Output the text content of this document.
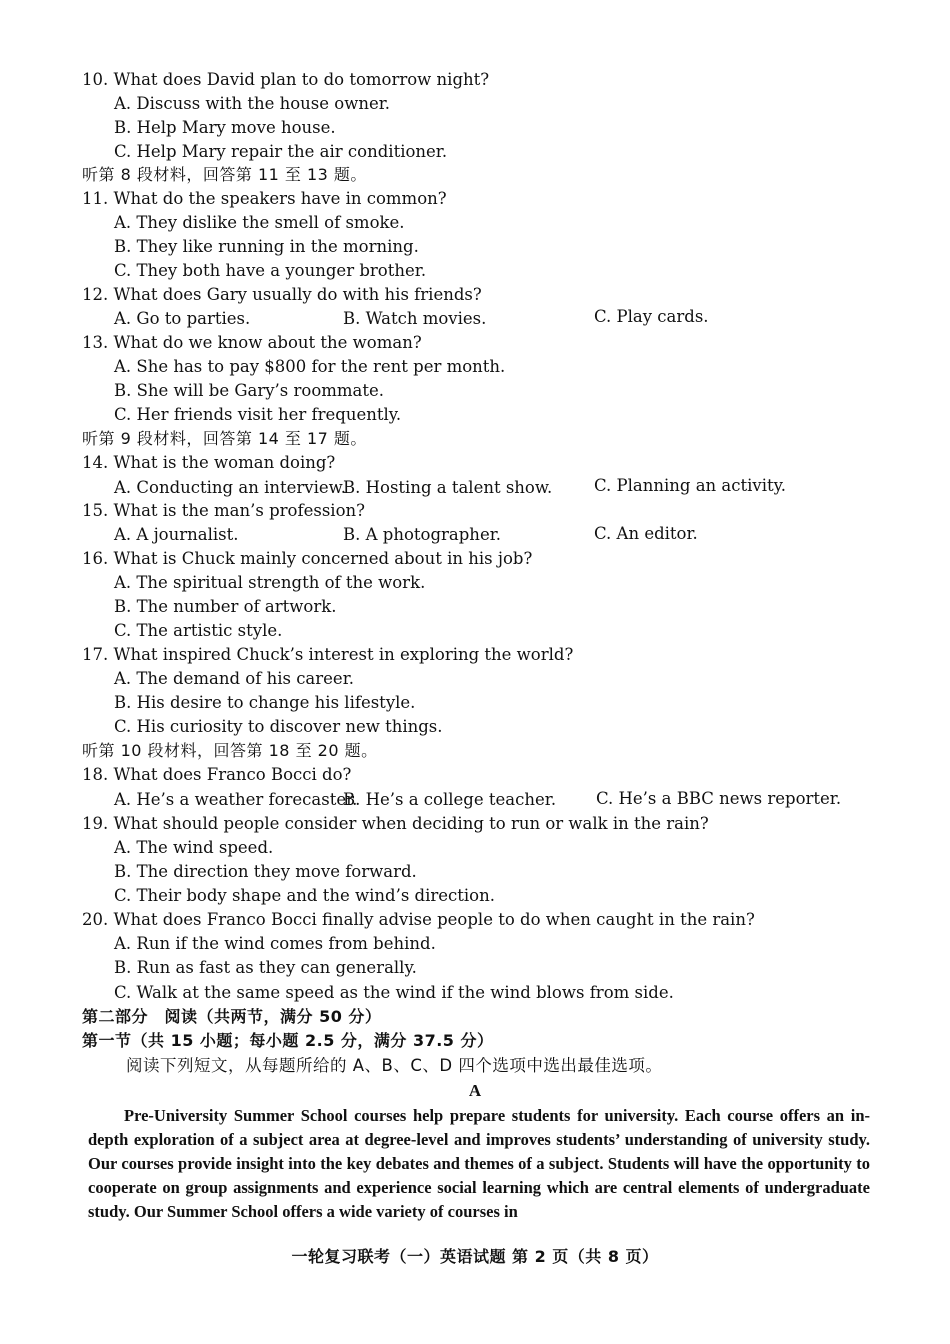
10. What does David plan to do tomorrow night?
A. Discuss with the house owner.
B. Help Mary move house.
C. Help Mary repair the air conditioner.
听第 8 段材料，回答第 11 至 13 题。
11. What do the speakers have in common?
A. They dislike the smell of smoke.
B. They like running in the morning.
C. They both have a younger brother.
12. What does Gary usually do with his friends?
A. Go to parties.	B. Watch movies.	C. Play cards.
13. What do we know about the woman?
A. She has to pay $800 for the rent per month.
B. She will be Gary’s roommate.
C. Her friends visit her frequently.
听第 9 段材料，回答第 14 至 17 题。
14. What is the woman doing?
A. Conducting an interview.
B. Hosting a talent show.	C. Planning an activity.
15. What is the man’s profession?
A. A journalist.	B. A photographer.	C. An editor.
16. What is Chuck mainly concerned about in his job?
A. The spiritual strength of the work.
B. The number of artwork.
C. The artistic style.
17. What inspired Chuck’s interest in exploring the world?
A. The demand of his career.
B. His desire to change his lifestyle.
C. His curiosity to discover new things.
听第 10 段材料，回答第 18 至 20 题。
18. What does Franco Bocci do?
A. He’s a weather forecaster.
B. He’s a college teacher. C. He’s a BBC news reporter.
19. What should people consider when deciding to run or walk in the rain?
A. The wind speed.
B. The direction they move forward.
C. Their body shape and the wind’s direction.
20. What does Franco Bocci finally advise people to do when caught in the rain?
A. Run if the wind comes from behind.
B. Run as fast as they can generally.
C. Walk at the same speed as the wind if the wind blows from side.
第二部分　阅读（共两节，满分 50 分）
第一节（共 15 小题；每小题 2.5 分，满分 37.5 分）
阅读下列短文，从每题所给的 A、B、C、D 四个选项中选出最佳选项。
A
Pre-University Summer School courses help prepare students for university. Each course offers an in-depth exploration of a subject area at degree-level and improves students’ understanding of university study. Our courses provide insight into the key debates and themes of a subject. Students will have the opportunity to cooperate on group assignments and experience social learning which are central elements of undergraduate study. Our Summer School offers a wide variety of courses in
一轮复习联考（一）英语试题 第 2 页（共 8 页）
